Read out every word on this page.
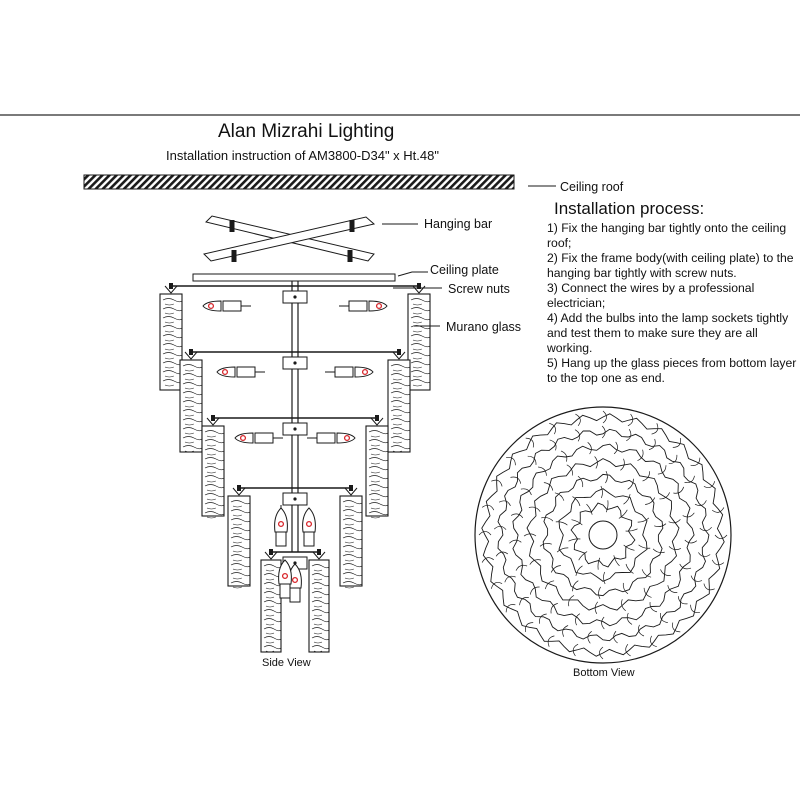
Alan Mizrahi Lighting
Installation instruction of AM3800-D34" x Ht.48"
Ceiling roof
Hanging bar
Ceiling plate
Screw nuts
Murano glass
Installation process:
1) Fix the hanging bar tightly onto the ceiling roof;
2) Fix the frame body(with ceiling plate) to the hanging bar tightly with screw nuts.
3) Connect the wires by a professional electrician;
4) Add the bulbs into the lamp sockets tightly and test them to make sure they are all working.
5) Hang up the glass pieces from bottom layer to the top one as end.
Side View
Bottom View
